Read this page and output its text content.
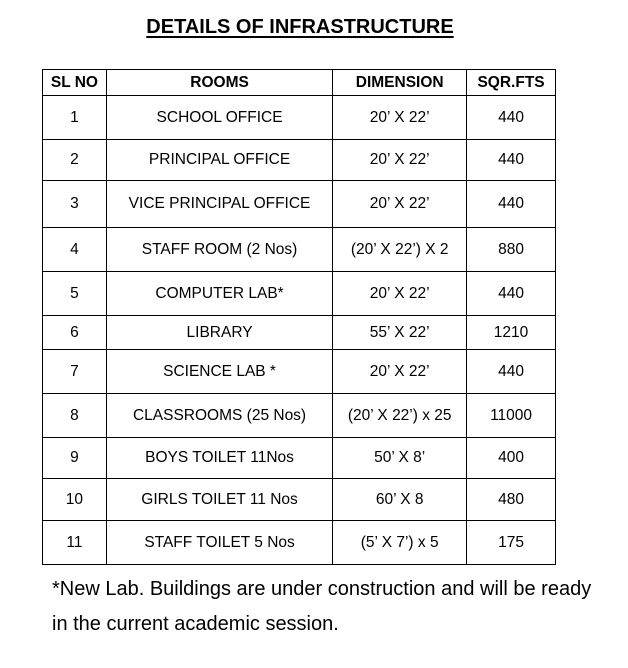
DETAILS OF INFRASTRUCTURE
SL NO	ROOMS	DIMENSION	SQR.FTS
1	SCHOOL OFFICE	20’ X 22’	440
2	PRINCIPAL OFFICE	20’ X 22’	440
3	VICE PRINCIPAL OFFICE	20’ X 22’	440
4	STAFF ROOM (2 Nos)	(20’ X 22’) X 2	880
5	COMPUTER LAB*	20’ X 22’	440
6	LIBRARY	55’ X 22’	1210
7	SCIENCE LAB *	20’ X 22’	440
8	CLASSROOMS (25 Nos)	(20’ X 22’) x 25	11000
9	BOYS TOILET 11Nos	50’ X 8’	400
10	GIRLS TOILET 11 Nos	60’ X 8	480
11	STAFF TOILET 5 Nos	(5’ X 7’) x 5	175
*New Lab. Buildings are under construction and will be ready in the current academic session.
